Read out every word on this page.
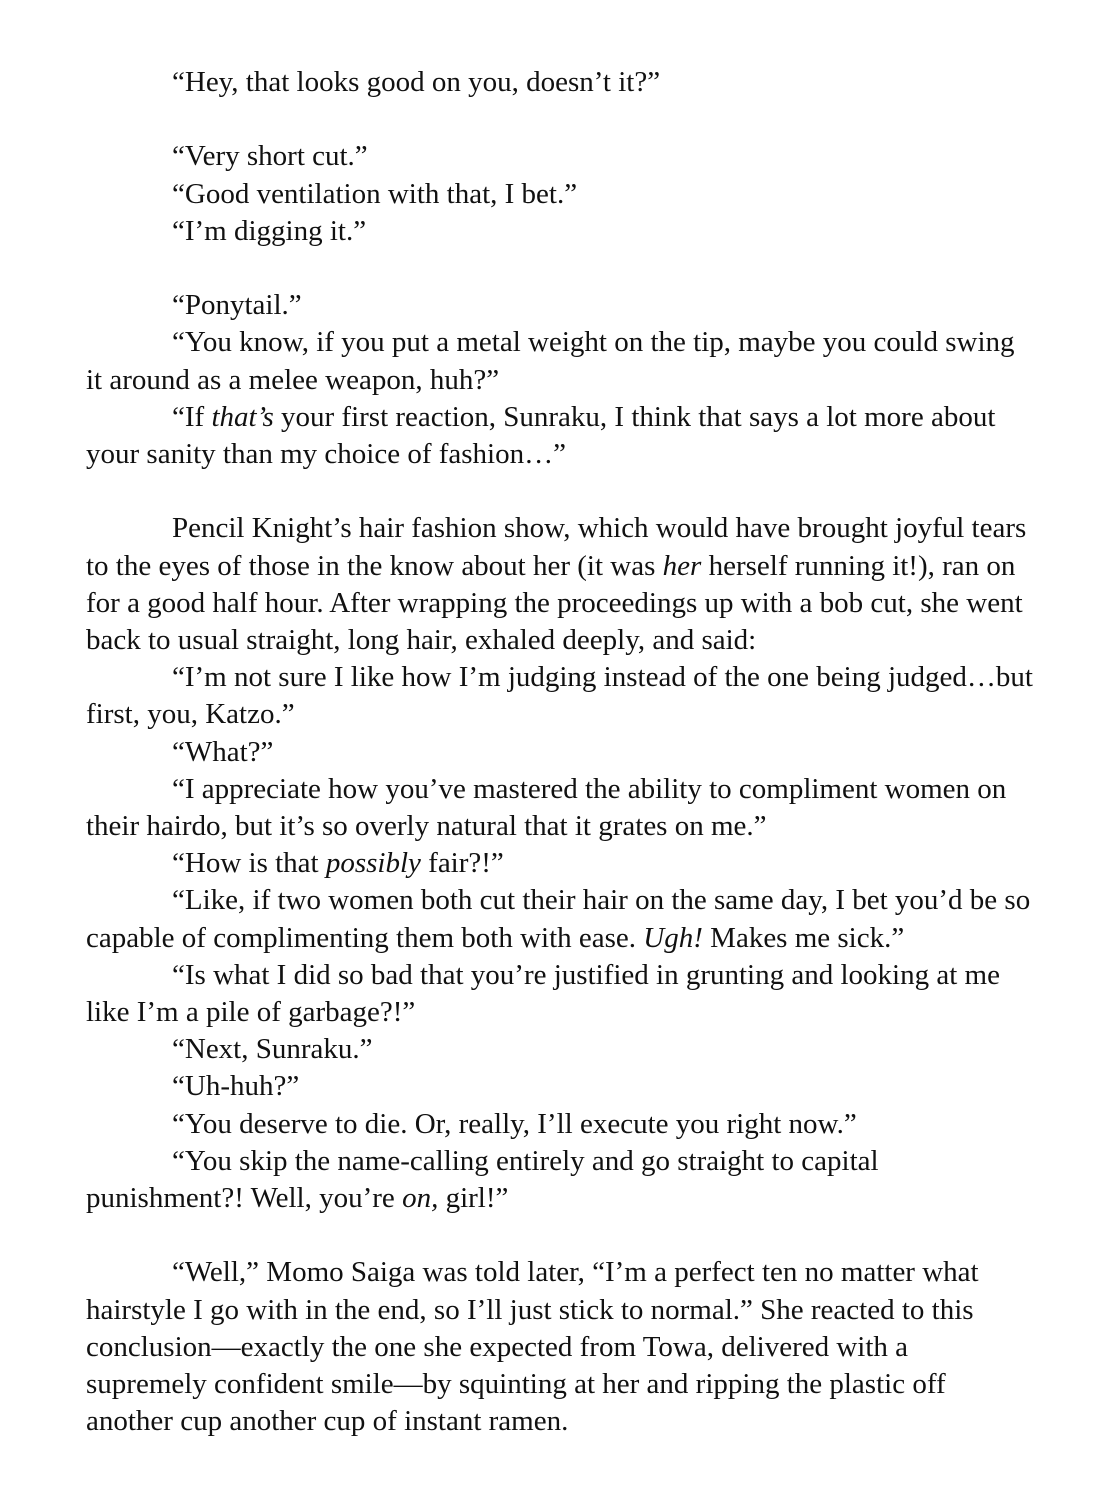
“Hey, that looks good on you, doesn’t it?”

“Very short cut.”

“Good ventilation with that, I bet.”

“I’m digging it.”

“Ponytail.”

“You know, if you put a metal weight on the tip, maybe you could swing it around as a melee weapon, huh?”

“If that’s your first reaction, Sunraku, I think that says a lot more about your sanity than my choice of fashion…”

Pencil Knight’s hair fashion show, which would have brought joyful tears to the eyes of those in the know about her (it was her herself running it!), ran on for a good half hour. After wrapping the proceedings up with a bob cut, she went back to usual straight, long hair, exhaled deeply, and said:

“I’m not sure I like how I’m judging instead of the one being judged…but first, you, Katzo.”

“What?”

“I appreciate how you’ve mastered the ability to compliment women on their hairdo, but it’s so overly natural that it grates on me.”

“How is that possibly fair?!”

“Like, if two women both cut their hair on the same day, I bet you’d be so capable of complimenting them both with ease. Ugh! Makes me sick.”

“Is what I did so bad that you’re justified in grunting and looking at me like I’m a pile of garbage?!”

“Next, Sunraku.”

“Uh-huh?”

“You deserve to die. Or, really, I’ll execute you right now.”

“You skip the name-calling entirely and go straight to capital punishment?! Well, you’re on, girl!”

“Well,” Momo Saiga was told later, “I’m a perfect ten no matter what hairstyle I go with in the end, so I’ll just stick to normal.” She reacted to this conclusion—exactly the one she expected from Towa, delivered with a supremely confident smile—by squinting at her and ripping the plastic off another cup another cup of instant ramen.
